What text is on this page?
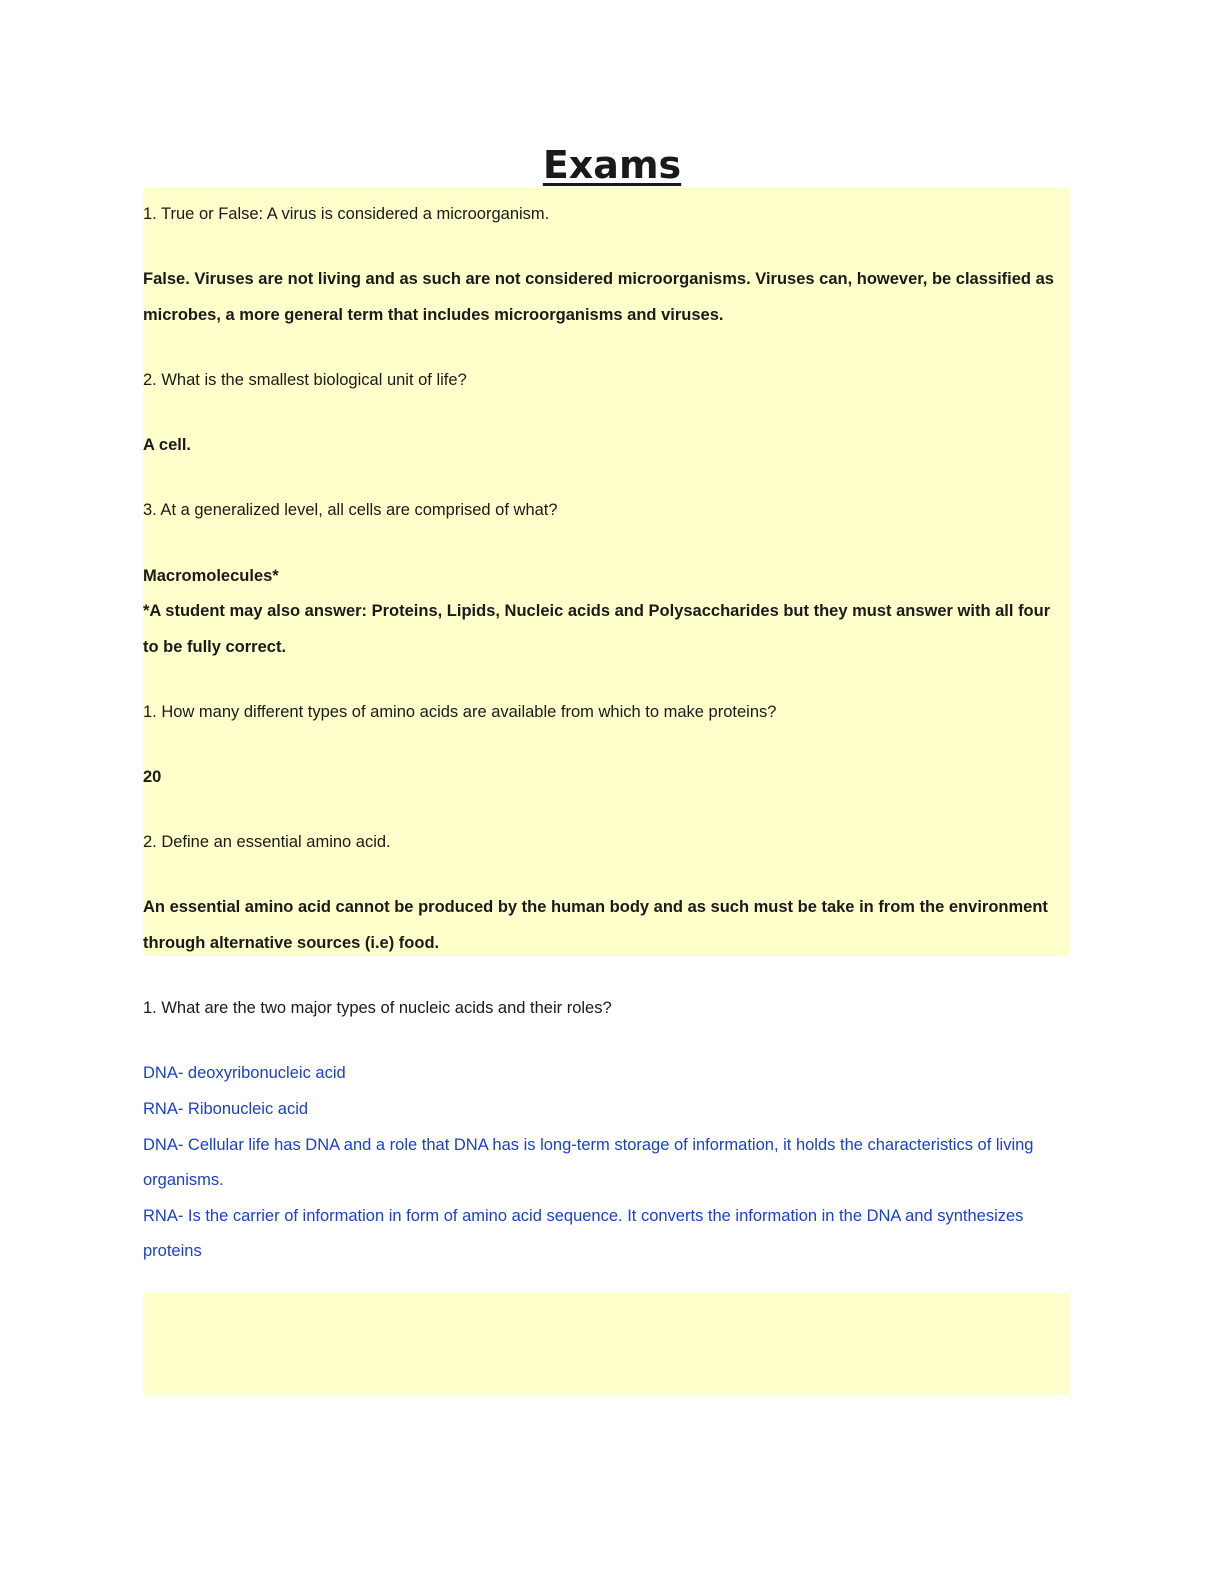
Exams

1. True or False: A virus is considered a microorganism.

False. Viruses are not living and as such are not considered microorganisms. Viruses can, however, be classified as microbes, a more general term that includes microorganisms and viruses.

2. What is the smallest biological unit of life?

A cell.

3. At a generalized level, all cells are comprised of what?

Macromolecules*

*A student may also answer: Proteins, Lipids, Nucleic acids and Polysaccharides but they must answer with all four to be fully correct.

1. How many different types of amino acids are available from which to make proteins?

20

2. Define an essential amino acid.

An essential amino acid cannot be produced by the human body and as such must be take in from the environment through alternative sources (i.e) food.

1. What are the two major types of nucleic acids and their roles?

DNA- deoxyribonucleic acid

RNA- Ribonucleic acid

DNA- Cellular life has DNA and a role that DNA has is long-term storage of information, it holds the characteristics of living organisms.

RNA- Is the carrier of information in form of amino acid sequence. It converts the information in the DNA and synthesizes proteins
